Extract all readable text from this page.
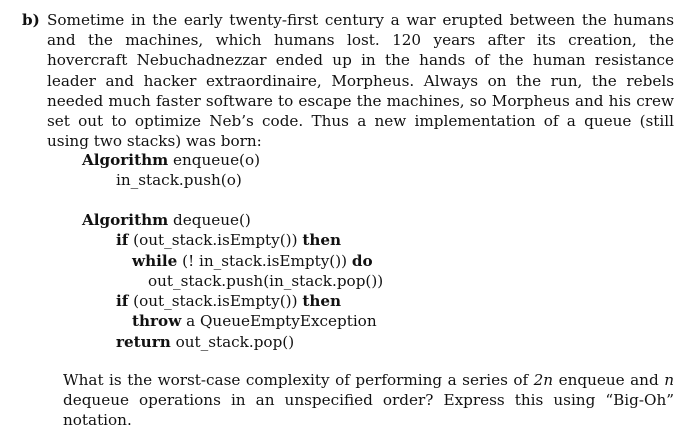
b) Sometime in the early twenty-first century a war erupted between the humans and the machines, which humans lost. 120 years after its creation, the hovercraft Nebuchadnezzar ended up in the hands of the human resistance leader and hacker extraordinaire, Morpheus. Always on the run, the rebels needed much faster software to escape the machines, so Morpheus and his crew set out to optimize Neb’s code. Thus a new implementation of a queue (still using two stacks) was born:
Algorithm enqueue(o)
in_stack.push(o)
Algorithm dequeue()
if (out_stack.isEmpty()) then
while (! in_stack.isEmpty()) do
out_stack.push(in_stack.pop())
if (out_stack.isEmpty()) then
throw a QueueEmptyException
return out_stack.pop()
What is the worst-case complexity of performing a series of 2n enqueue and n dequeue operations in an unspecified order? Express this using “Big-Oh” notation.
